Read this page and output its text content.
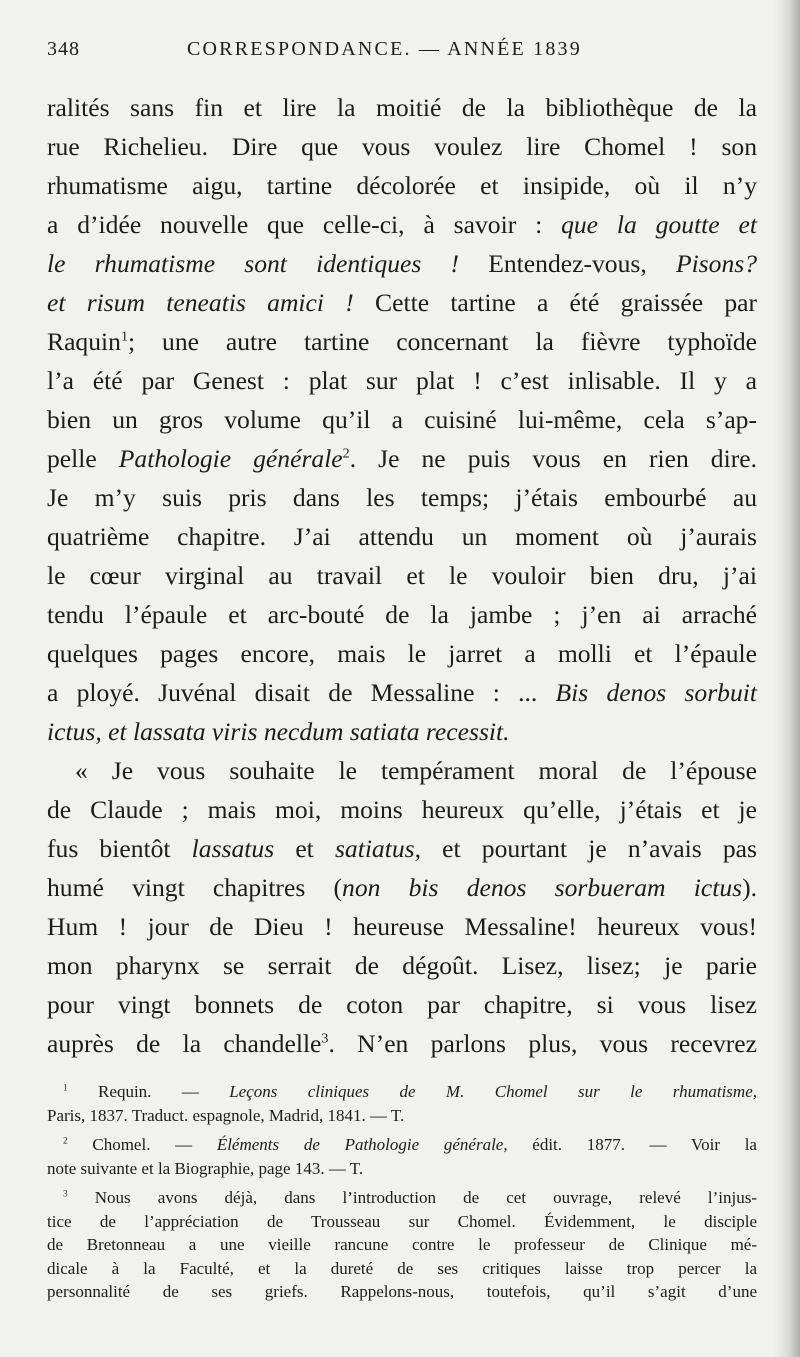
348	CORRESPONDANCE. — ANNÉE 1839
ralités sans fin et lire la moitié de la bibliothèque de la
rue Richelieu. Dire que vous voulez lire Chomel ! son
rhumatisme aigu, tartine décolorée et insipide, où il n’y
a d’idée nouvelle que celle-ci, à savoir : que la goutte et
le rhumatisme sont identiques ! Entendez-vous, Pisons?
et risum teneatis amici ! Cette tartine a été graissée par
Raquin$^1$; une autre tartine concernant la fièvre typhoïde
l’a été par Genest : plat sur plat ! c’est inlisable. Il y a
bien un gros volume qu’il a cuisiné lui-même, cela s’ap-
pelle Pathologie générale$^2$. Je ne puis vous en rien dire.
Je m’y suis pris dans les temps; j’étais embourbé au
quatrième chapitre. J’ai attendu un moment où j’aurais
le cœur virginal au travail et le vouloir bien dru, j’ai
tendu l’épaule et arc-bouté de la jambe ; j’en ai arraché
quelques pages encore, mais le jarret a molli et l’épaule
a ployé. Juvénal disait de Messaline : ... Bis denos sorbuit
ictus, et lassata viris necdum satiata recessit.
« Je vous souhaite le tempérament moral de l’épouse
de Claude ; mais moi, moins heureux qu’elle, j’étais et je
fus bientôt lassatus et satiatus, et pourtant je n’avais pas
humé vingt chapitres (non bis denos sorbueram ictus).
Hum ! jour de Dieu ! heureuse Messaline! heureux vous!
mon pharynx se serrait de dégoût. Lisez, lisez; je parie
pour vingt bonnets de coton par chapitre, si vous lisez
auprès de la chandelle$^3$. N’en parlons plus, vous recevrez
$^1$ Requin. — Leçons cliniques de M. Chomel sur le rhumatisme,
Paris, 1837. Traduct. espagnole, Madrid, 1841. — T.
$^2$ Chomel. — Éléments de Pathologie générale, édit. 1877. — Voir la
note suivante et la Biographie, page 143. — T.
$^3$ Nous avons déjà, dans l’introduction de cet ouvrage, relevé l’injus-
tice de l’appréciation de Trousseau sur Chomel. Évidemment, le disciple
de Bretonneau a une vieille rancune contre le professeur de Clinique mé-
dicale à la Faculté, et la dureté de ses critiques laisse trop percer la
personnalité de ses griefs. Rappelons-nous, toutefois, qu’il s’agit d’une
